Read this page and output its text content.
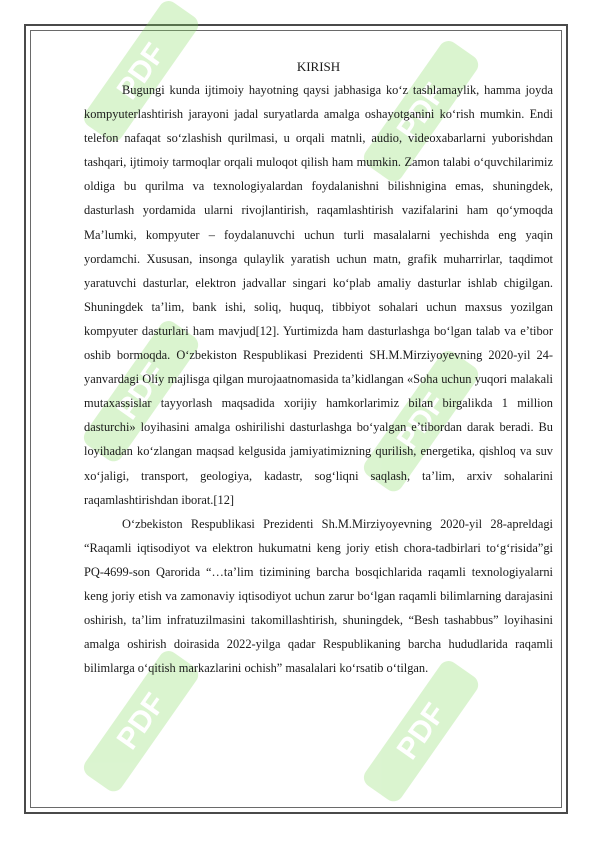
PDF
PDF
PDF	PDF
PDF	PDF
KIRISH

Bugungi kunda ijtimoiy hayotning qaysi jabhasiga ko‘z tashlamaylik, hamma joyda kompyuterlashtirish jarayoni jadal suryatlarda amalga oshayotganini ko‘rish mumkin. Endi telefon nafaqat so‘zlashish qurilmasi, u orqali matnli, audio, videoxabarlarni yuborishdan tashqari, ijtimoiy tarmoqlar orqali muloqot qilish ham mumkin. Zamon talabi o‘quvchilarimiz oldiga bu qurilma va texnologiyalardan foydalanishni bilishnigina emas, shuningdek, dasturlash yordamida ularni rivojlantirish, raqamlashtirish vazifalarini ham qo‘ymoqda Ma’lumki, kompyuter – foydalanuvchi uchun turli masalalarni yechishda eng yaqin yordamchi. Xususan, insonga qulaylik yaratish uchun matn, grafik muharrirlar, taqdimot yaratuvchi dasturlar, elektron jadvallar singari ko‘plab amaliy dasturlar ishlab chigilgan. Shuningdek ta’lim, bank ishi, soliq, huquq, tibbiyot sohalari uchun maxsus yozilgan kompyuter dasturlari ham mavjud[12]. Yurtimizda ham dasturlashga bo‘lgan talab va e’tibor oshib bormoqda. O‘zbekiston Respublikasi Prezidenti SH.M.Mirziyoyevning 2020-yil 24-yanvardagi Oliy majlisga qilgan murojaatnomasida ta’kidlangan «Soha uchun yuqori malakali mutaxassislar tayyorlash maqsadida xorijiy hamkorlarimiz bilan birgalikda 1 million dasturchi» loyihasini amalga oshirilishi dasturlashga bo‘yalgan e’tibordan darak beradi. Bu loyihadan ko‘zlangan maqsad kelgusida jamiyatimizning qurilish, energetika, qishloq va suv xo‘jaligi, transport, geologiya, kadastr, sog‘liqni saqlash, ta’lim, arxiv sohalarini raqamlashtirishdan iborat.[12]

O‘zbekiston Respublikasi Prezidenti Sh.M.Mirziyoyevning 2020-yil 28-apreldagi “Raqamli iqtisodiyot va elektron hukumatni keng joriy etish chora-tadbirlari to‘g‘risida”gi PQ-4699-son Qarorida “…ta’lim tizimining barcha bosqichlarida raqamli texnologiyalarni keng joriy etish va zamonaviy iqtisodiyot uchun zarur bo‘lgan raqamli bilimlarning darajasini oshirish, ta’lim infratuzilmasini takomillashtirish, shuningdek, “Besh tashabbus” loyihasini amalga oshirish doirasida 2022-yilga qadar Respublikaning barcha hududlarida raqamli bilimlarga o‘qitish markazlarini ochish” masalalari ko‘rsatib o‘tilgan.
